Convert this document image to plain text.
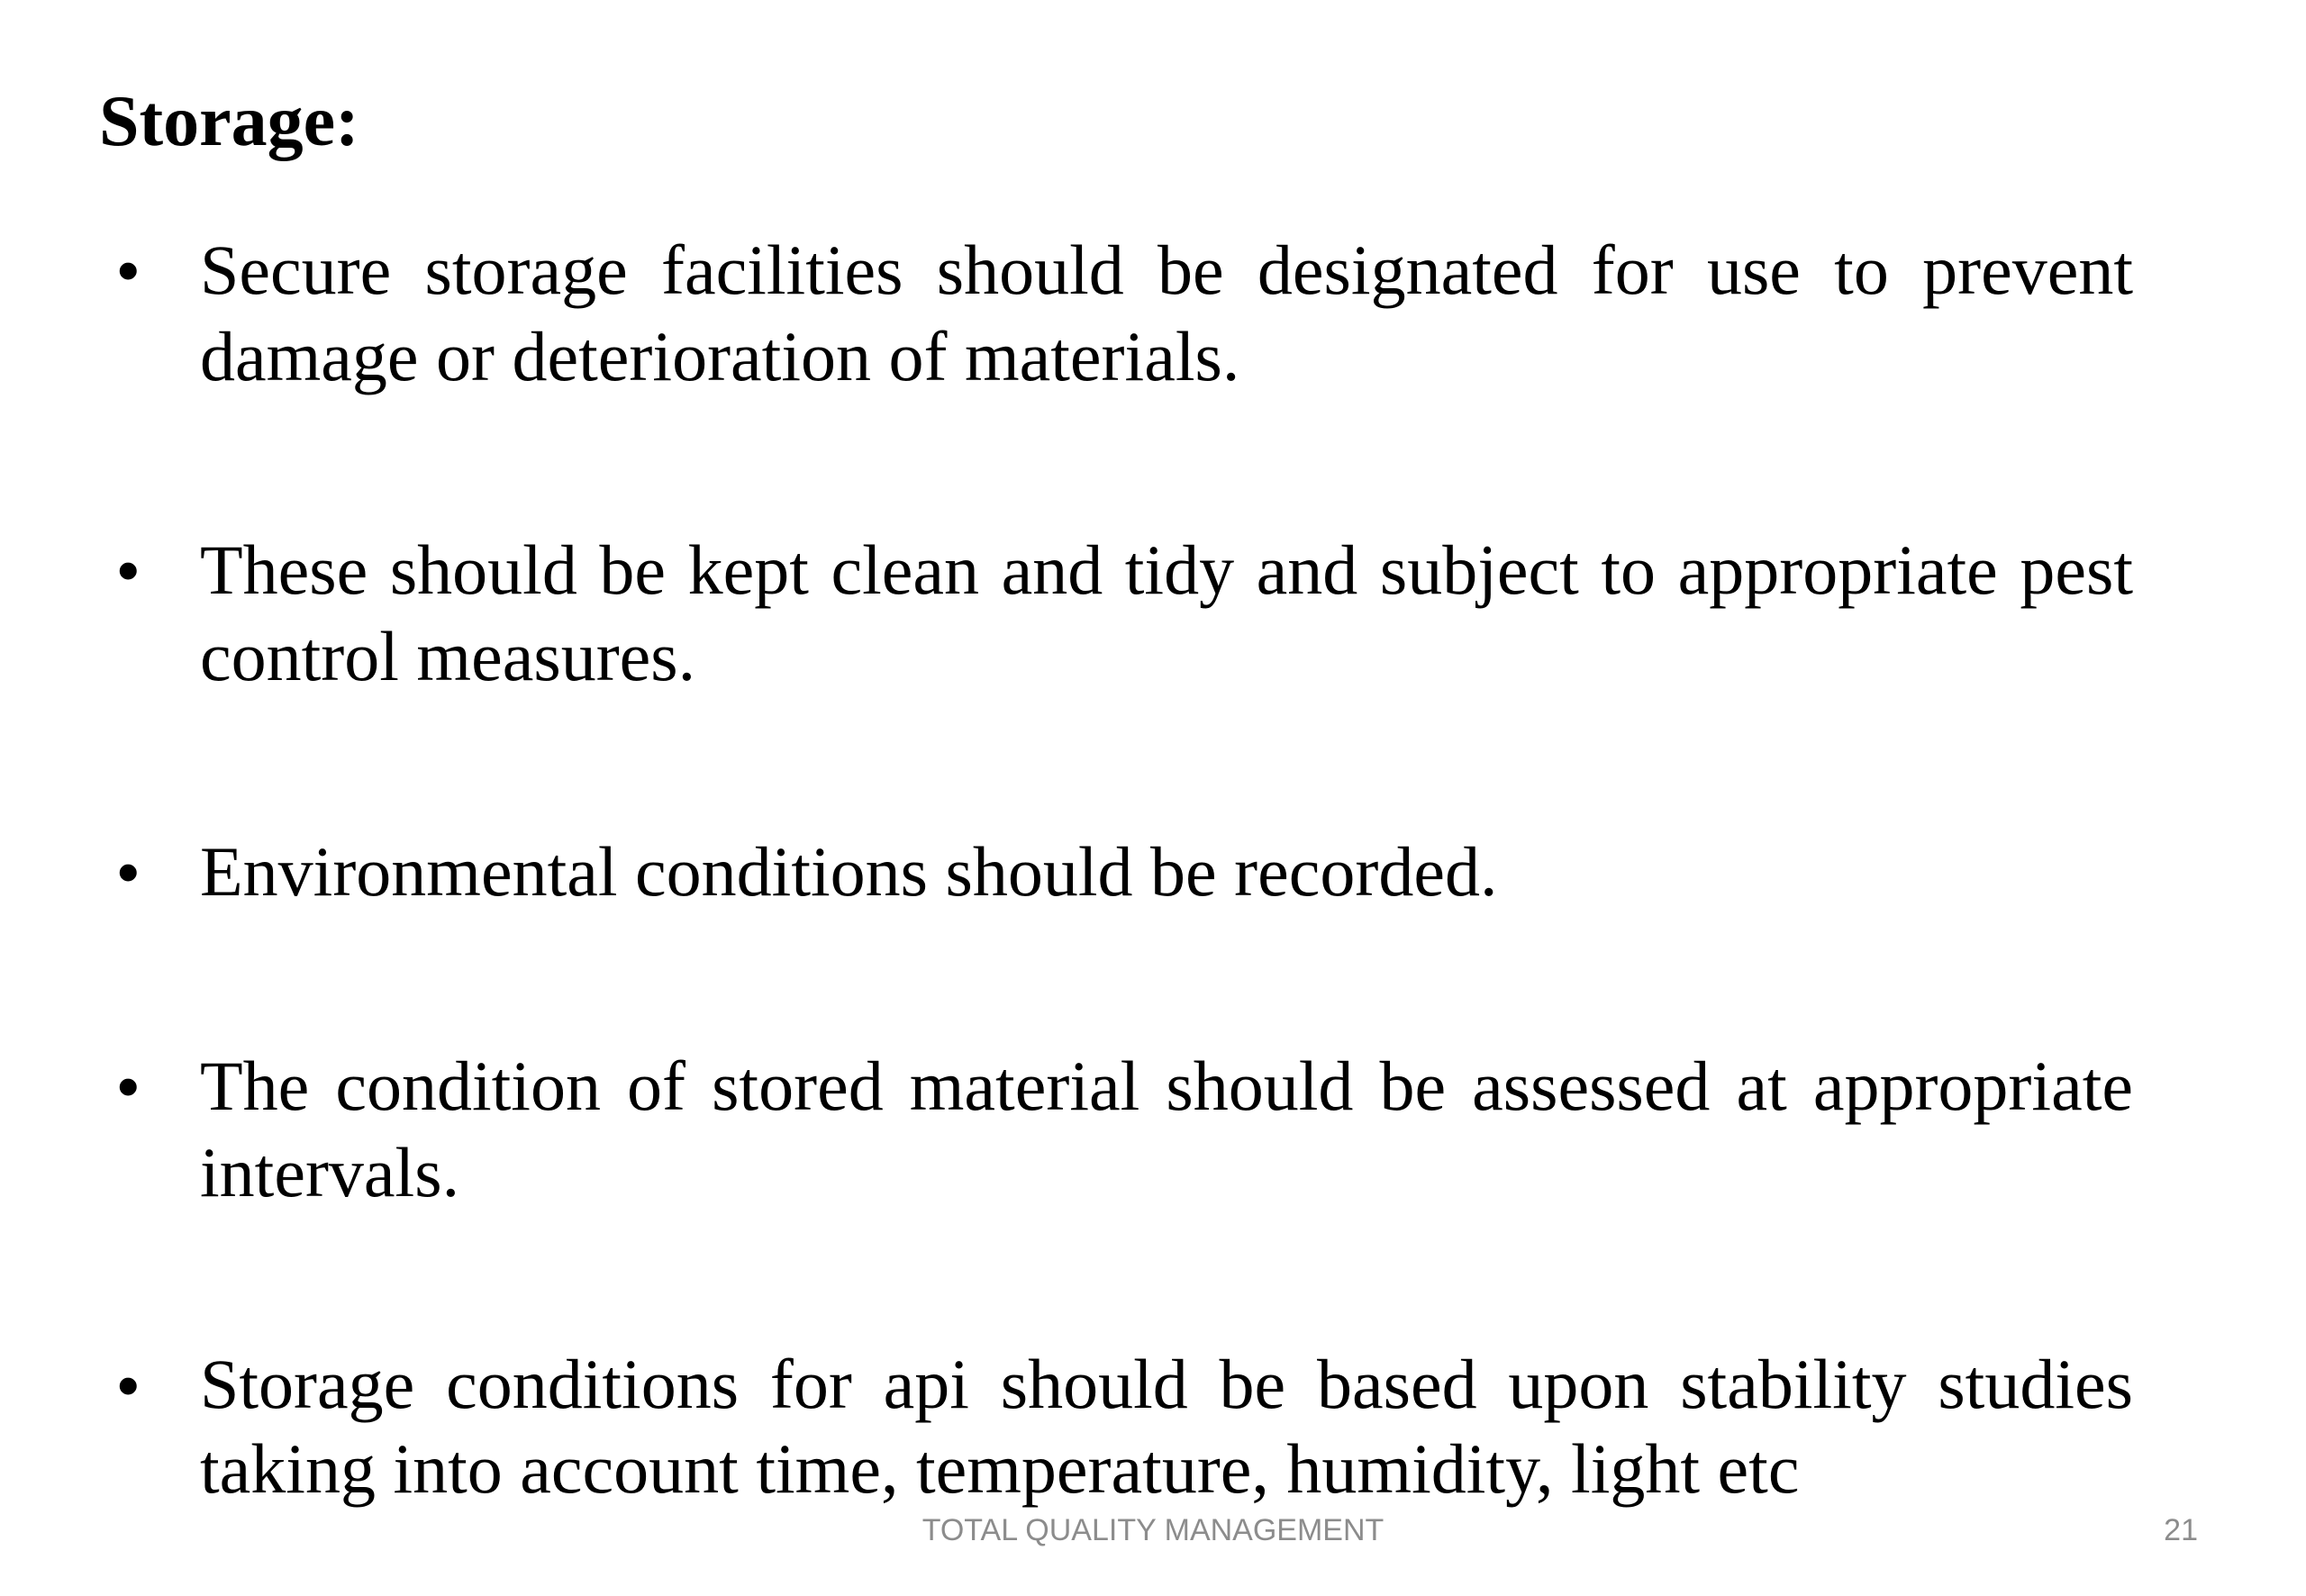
Storage:
• Secure storage facilities should be designated for use to prevent damage or deterioration of materials.
• These should be kept clean and tidy and subject to appropriate pest control measures.
• Environmental conditions should be recorded.
• The condition of stored material should be assessed at appropriate intervals.
• Storage conditions for api should be based upon stability studies taking into account time, temperature, humidity, light etc
TOTAL QUALITY MANAGEMENT	21
